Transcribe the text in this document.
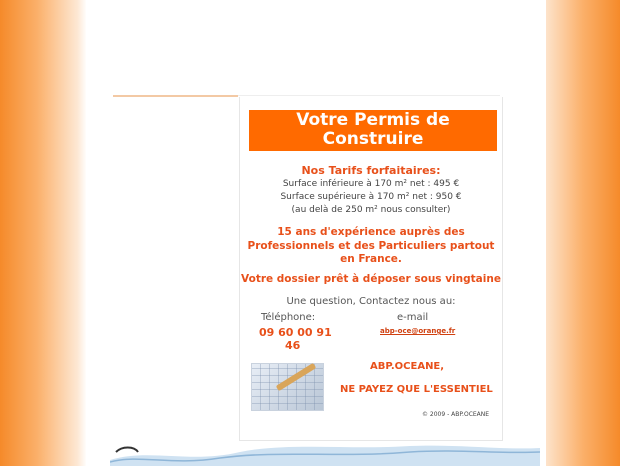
Votre Permis de
Construire
Nos Tarifs forfaitaires:
Surface inférieure à 170 m² net : 495 €
Surface supérieure à 170 m² net : 950 €
(au delà de 250 m² nous consulter)
15 ans d'expérience auprès des
Professionnels et des Particuliers partout
en France.
Votre dossier prêt à déposer sous vingtaine
Une question, Contactez nous au:
Téléphone:	e-mail
09 60 00 91
46
abp-oce@orange.fr
ABP.OCEANE,
NE PAYEZ QUE L'ESSENTIEL
© 2009 - ABP.OCEANE
